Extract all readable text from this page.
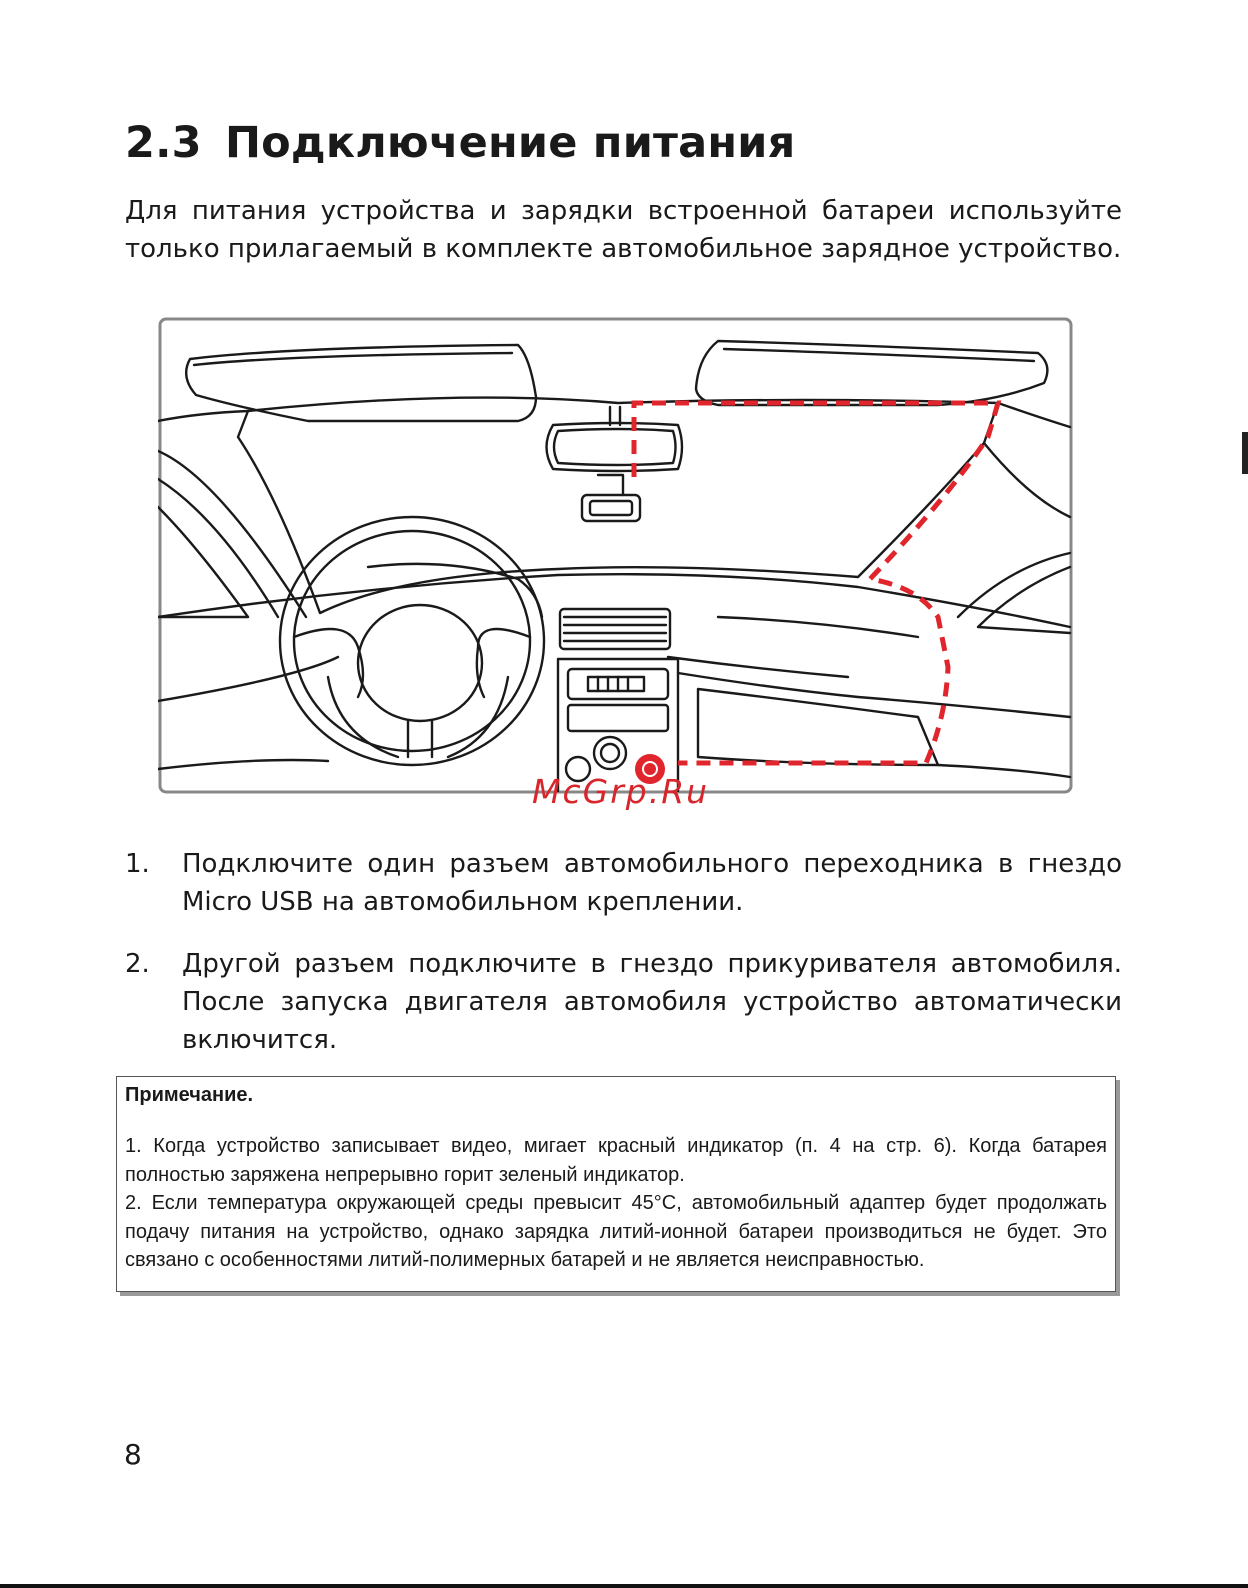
2.3 Подключение питания

Для питания устройства и зарядки встроенной батареи используйте только прилагаемый в комплекте автомобильное зарядное устройство.

McGrp.Ru
1. Подключите один разъем автомобильного переходника в гнездо Micro USB на автомобильном креплении.
2. Другой разъем подключите в гнездо прикуривателя автомобиля. После запуска двигателя автомобиля устройство автоматически включится.
Примечание.

1. Когда устройство записывает видео, мигает красный индикатор (п. 4 на стр. 6). Когда батарея полностью заряжена непрерывно горит зеленый индикатор.

2. Если температура окружающей среды превысит 45°С, автомобильный адаптер будет продолжать подачу питания на устройство, однако зарядка литий-ионной батареи производиться не будет. Это связано с особенностями литий-полимерных батарей и не является неисправностью.

8
